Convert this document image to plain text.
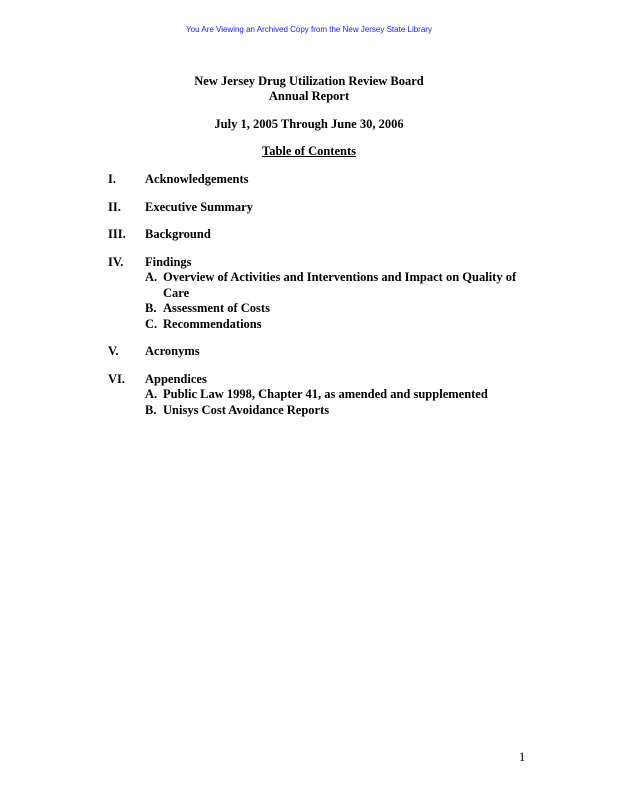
You Are Viewing an Archived Copy from the New Jersey State Library
New Jersey Drug Utilization Review Board
Annual Report
July 1, 2005 Through June 30, 2006
Table of Contents
I.	Acknowledgements
II.	Executive Summary
III.	Background
IV.	Findings
A. Overview of Activities and Interventions and Impact on Quality of Care
B. Assessment of Costs
C. Recommendations
V.	Acronyms
VI.	Appendices
A. Public Law 1998, Chapter 41, as amended and supplemented
B. Unisys Cost Avoidance Reports
1
